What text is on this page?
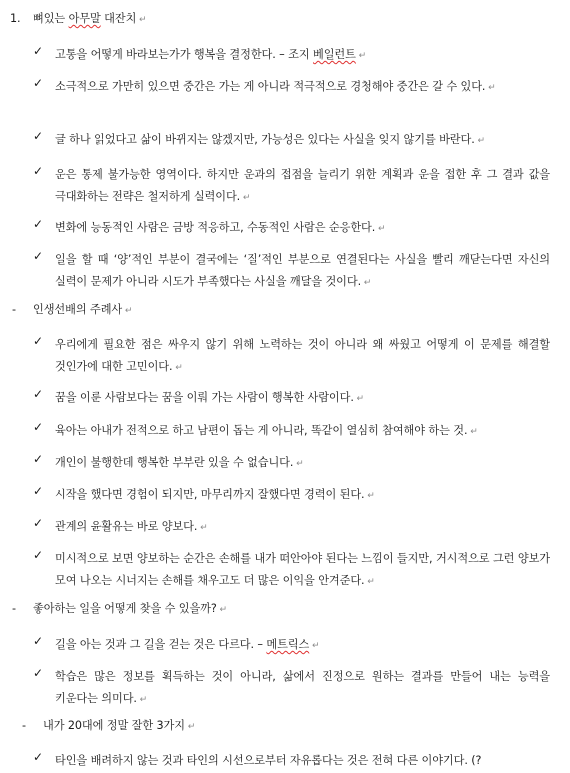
1. 뼈있는 아무말 대잔치 ↵
✓ 고통을 어떻게 바라보는가가 행복을 결정한다. – 조지 베일런트 ↵
✓ 소극적으로 가만히 있으면 중간은 가는 게 아니라 적극적으로 경청해야 중간은 갈 수 있다. ↵
✓ 글 하나 읽었다고 삶이 바뀌지는 않겠지만, 가능성은 있다는 사실을 잊지 않기를 바란다. ↵
✓ 운은 통제 불가능한 영역이다. 하지만 운과의 접점을 늘리기 위한 계획과 운을 접한 후 그 결과 값을 극대화하는 전략은 철저하게 실력이다. ↵
✓ 변화에 능동적인 사람은 금방 적응하고, 수동적인 사람은 순응한다. ↵
✓ 일을 할 때 ‘양’적인 부분이 결국에는 ‘질’적인 부분으로 연결된다는 사실을 빨리 깨닫는다면 자신의 실력이 문제가 아니라 시도가 부족했다는 사실을 깨달을 것이다. ↵
- 인생선배의 주례사 ↵
✓ 우리에게 필요한 점은 싸우지 않기 위해 노력하는 것이 아니라 왜 싸웠고 어떻게 이 문제를 해결할 것인가에 대한 고민이다. ↵
✓ 꿈을 이룬 사람보다는 꿈을 이뤄 가는 사람이 행복한 사람이다. ↵
✓ 육아는 아내가 전적으로 하고 남편이 돕는 게 아니라, 똑같이 열심히 참여해야 하는 것. ↵
✓ 개인이 불행한데 행복한 부부란 있을 수 없습니다. ↵
✓ 시작을 했다면 경험이 되지만, 마무리까지 잘했다면 경력이 된다. ↵
✓ 관계의 윤활유는 바로 양보다. ↵
✓ 미시적으로 보면 양보하는 순간은 손해를 내가 떠안아야 된다는 느낌이 들지만, 거시적으로 그런 양보가 모여 나오는 시너지는 손해를 채우고도 더 많은 이익을 안겨준다. ↵
- 좋아하는 일을 어떻게 찾을 수 있을까? ↵
✓ 길을 아는 것과 그 길을 걷는 것은 다르다. – 메트릭스 ↵
✓ 학습은 많은 정보를 획득하는 것이 아니라, 삶에서 진정으로 원하는 결과를 만들어 내는 능력을 키운다는 의미다. ↵
- 내가 20대에 정말 잘한 3가지 ↵
✓ 타인을 배려하지 않는 것과 타인의 시선으로부터 자유롭다는 것은 전혀 다른 이야기다. (?
